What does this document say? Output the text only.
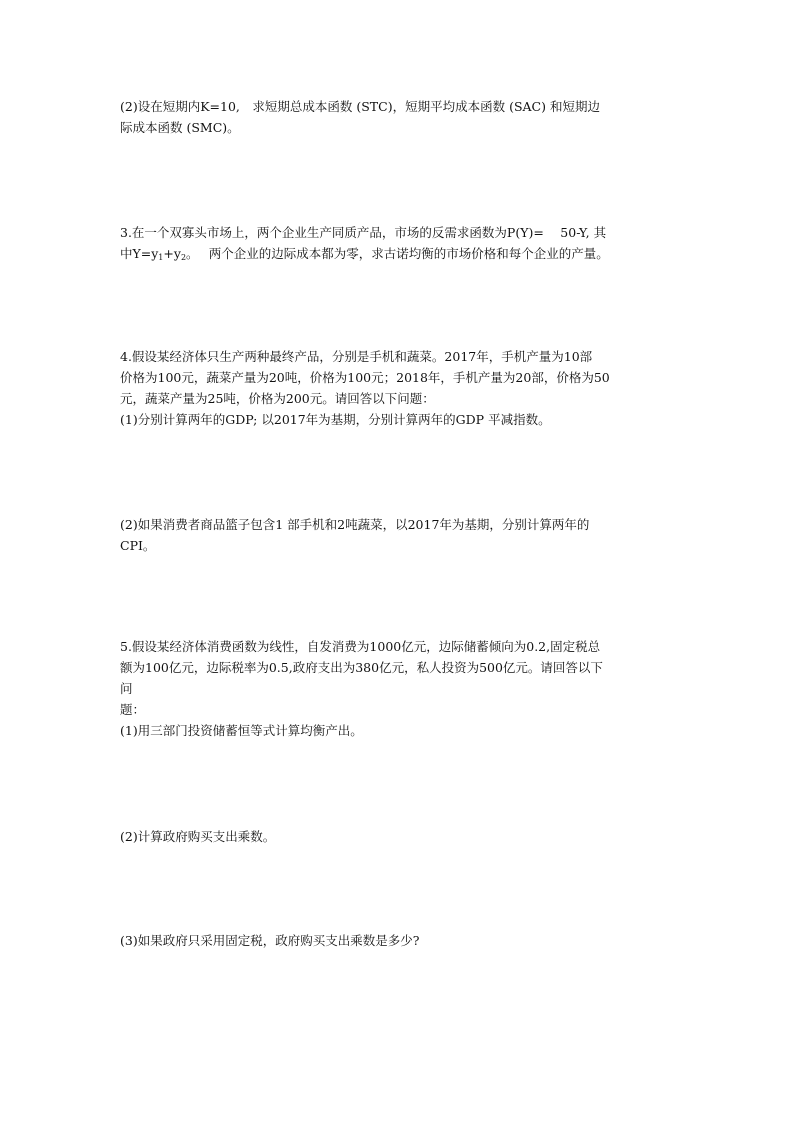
(2)设在短期内K=10,　求短期总成本函数 (STC)，短期平均成本函数 (SAC) 和短期边
际成本函数 (SMC)。
3.在一个双寡头市场上，两个企业生产同质产品，市场的反需求函数为P(Y)=　 50-Y, 其
中$Y=y_1+y_2$。　 两个企业的边际成本都为零，求古诺均衡的市场价格和每个企业的产量。
4.假设某经济体只生产两种最终产品，分别是手机和蔬菜。2017年，手机产量为10部
价格为100元，蔬菜产量为20吨，价格为100元；2018年，手机产量为20部，价格为50
元，蔬菜产量为25吨，价格为200元。请回答以下问题：
(1)分别计算两年的GDP; 以2017年为基期，分别计算两年的GDP 平减指数。
(2)如果消费者商品篮子包含1 部手机和2吨蔬菜，以2017年为基期，分别计算两年的
CPI。
5.假设某经济体消费函数为线性，自发消费为1000亿元，边际储蓄倾向为0.2,固定税总
额为100亿元，边际税率为0.5,政府支出为380亿元，私人投资为500亿元。请回答以下
问
题：
(1)用三部门投资储蓄恒等式计算均衡产出。
(2)计算政府购买支出乘数。
(3)如果政府只采用固定税，政府购买支出乘数是多少?
